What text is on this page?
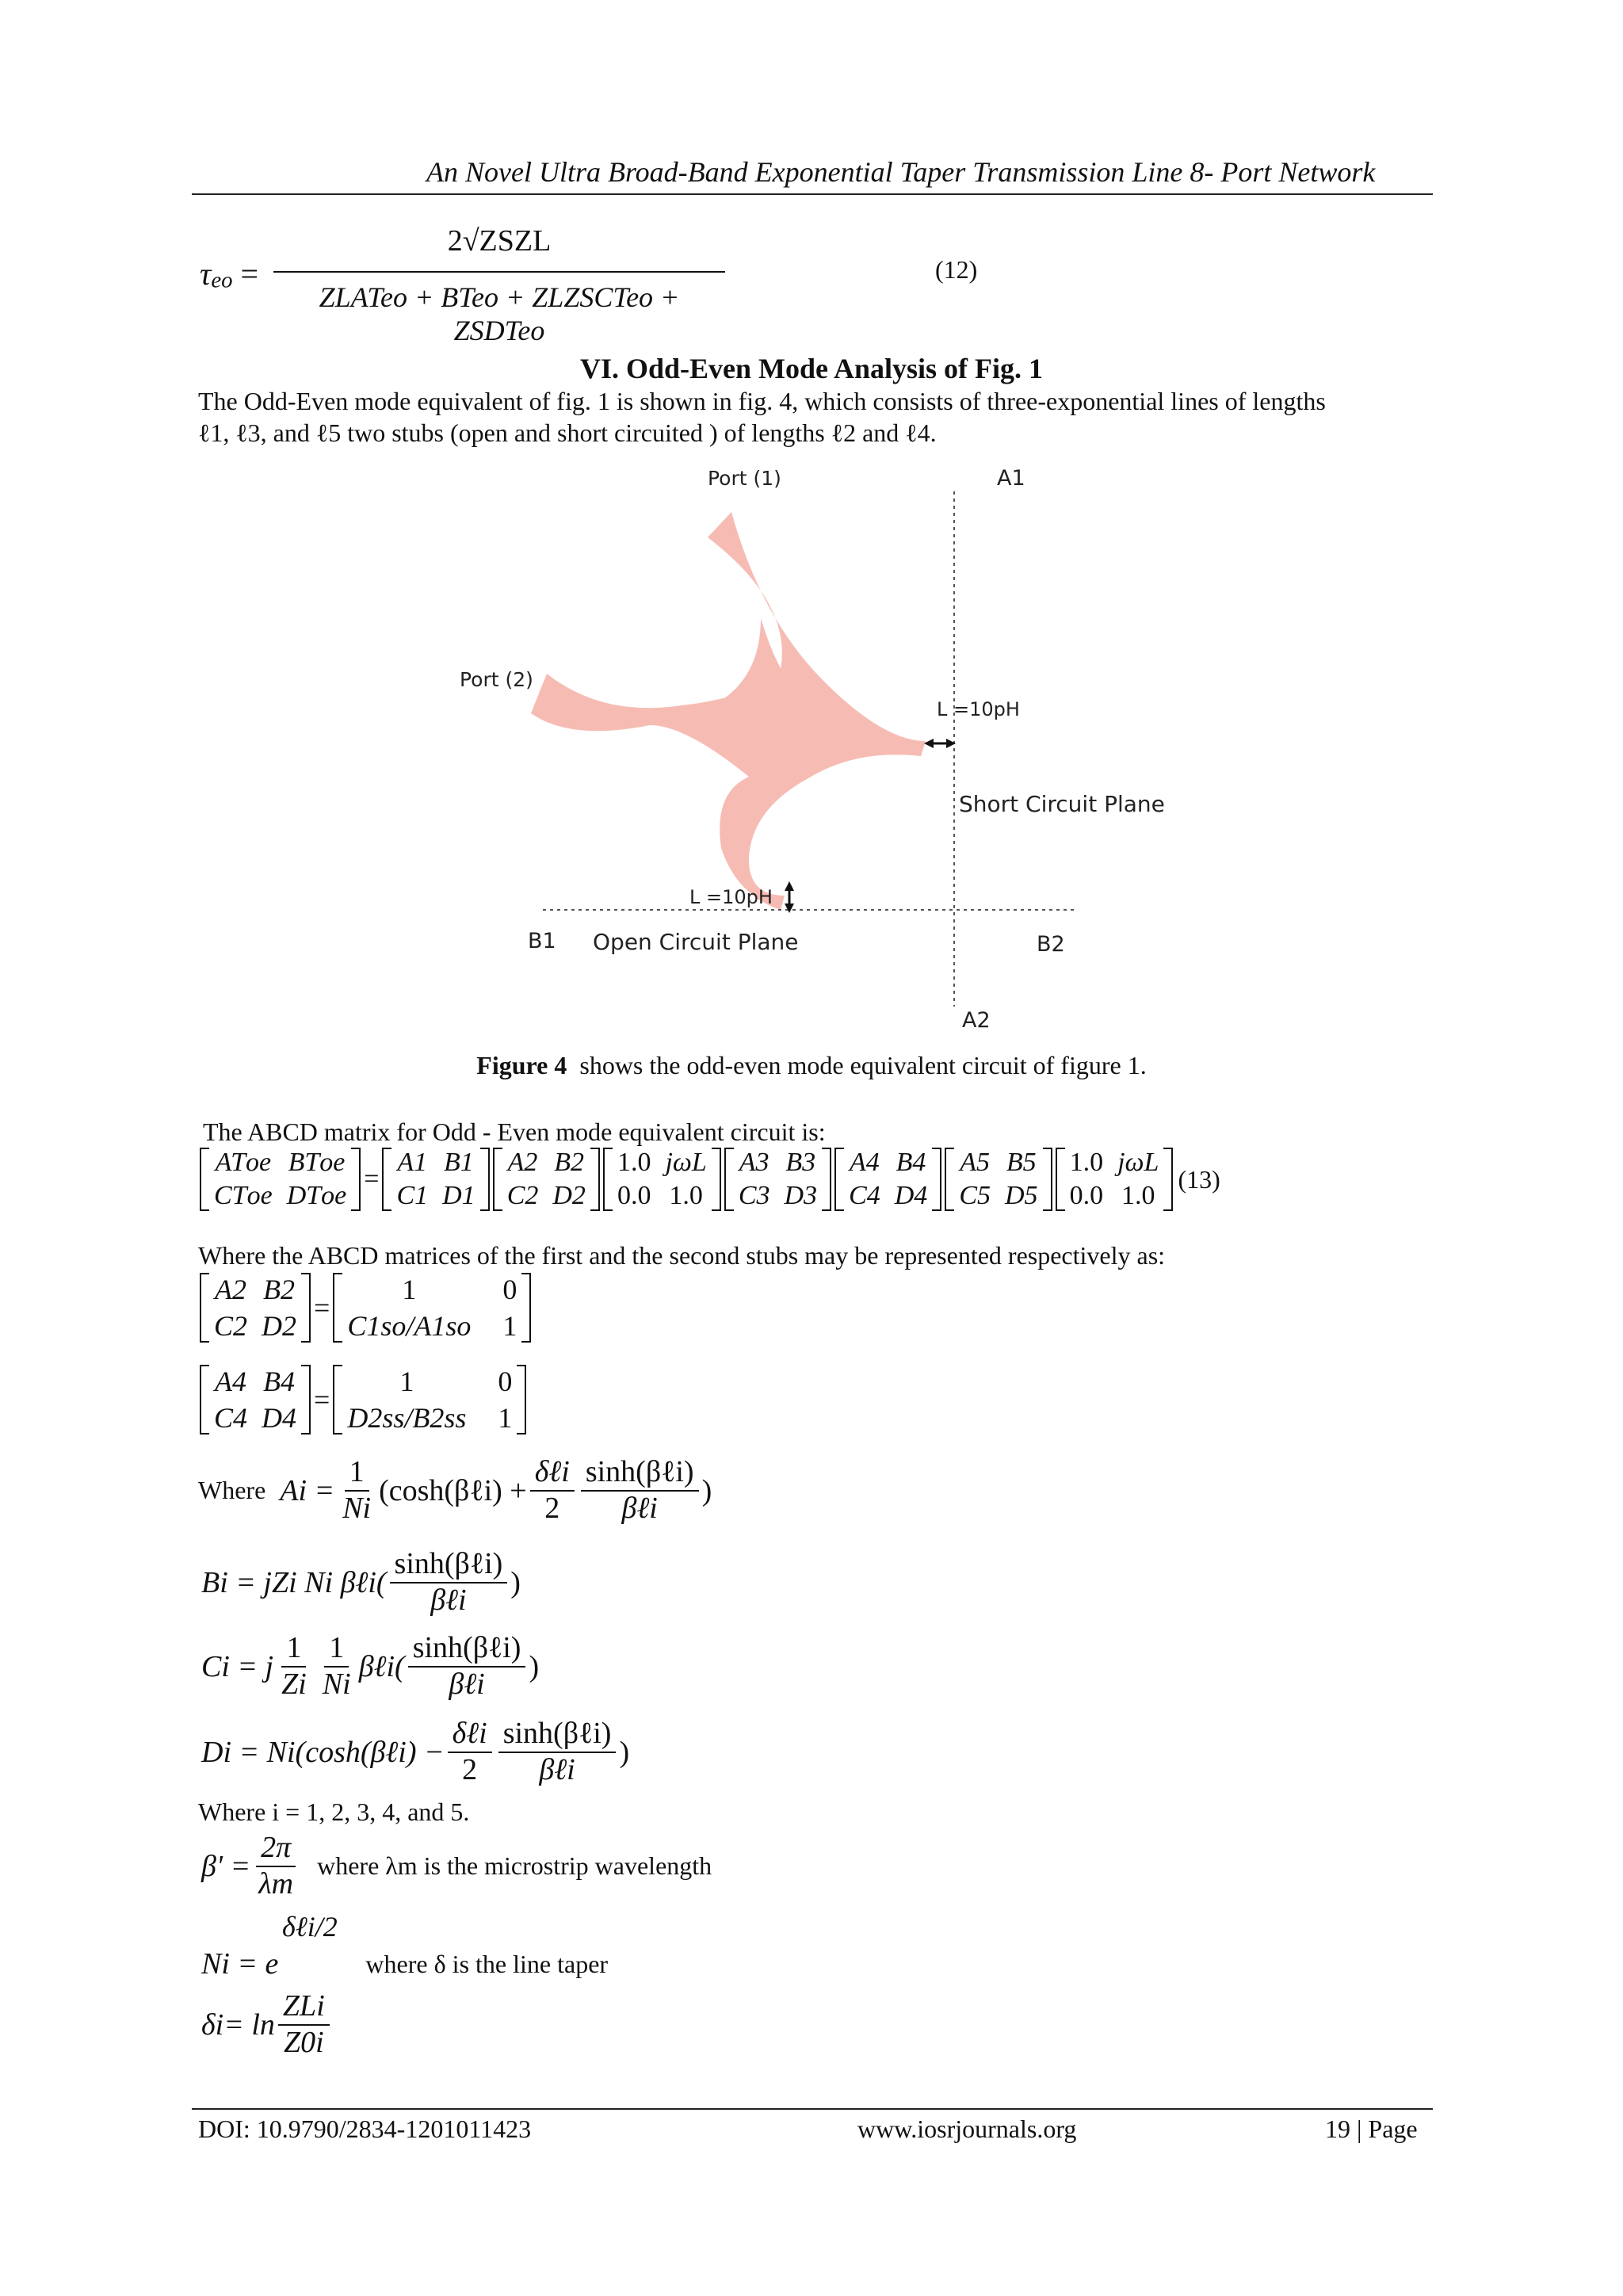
An Novel Ultra Broad-Band Exponential Taper Transmission Line 8- Port Network
τeo =
2√ZSZL
ZLATeo + BTeo + ZLZSCTeo + ZSDTeo
(12)
VI. Odd-Even Mode Analysis of Fig. 1
The Odd-Even mode equivalent of fig. 1 is shown in fig. 4, which consists of three-exponential lines of lengths
ℓ1, ℓ3, and ℓ5 two stubs (open and short circuited ) of lengths ℓ2 and ℓ4.
Port (1)	A1
Port (2)
L =10pH
Short Circuit Plane
L =10pH
B1 Open Circuit Plane	B2
A2
Figure 4 shows the odd-even mode equivalent circuit of figure 1.
The ABCD matrix for Odd - Even mode equivalent circuit is:
ATοe BTοe
CTοe DTοe
=
A1 B1
C1 D1
A2 B2
C2 D2
1.0 jωL
0.0 1.0
A3 B3
C3 D3
A4 B4
C4 D4
A5 B5
C5 D5
1.0 jωL
0.0 1.0
(13)
Where the ABCD matrices of the first and the second stubs may be represented respectively as:
A2 B2
C2 D2
=
1	0
C1so/A1so 1
A4 B4
C4 D4
=
1	0
D2ss/B2ss 1
Where $Ai = \frac{1}{Ni}$ (cosh(βℓi) + $\frac{\text{δℓi}}{2} \frac{\text{sinh(βℓi)}}{\text{βℓi}}$ )
Bi = jZi Ni βℓi( $\frac{\text{sinh(βℓi)}}{\text{βℓi}}$ )
Ci = j $\frac{1}{Zi} \frac{1}{Ni}$ βℓi( $\frac{\text{sinh(βℓi)}}{\text{βℓi}}$ )
Di = Ni(cosh(βℓi) − $\frac{\text{δℓi}}{2} \frac{\text{sinh(βℓi)}}{\text{βℓi}}$ )
Where i = 1, 2, 3, 4, and 5.
$\beta' = \frac{2\pi}{\lambda m}$ where λm is the microstrip wavelength
δℓi/2
Ni = e	where δ is the line taper
$\delta i= \ln \frac{\text{ZLi}}{Z0i}$
DOI: 10.9790/2834-1201011423	www.iosrjournals.org	19 | Page
